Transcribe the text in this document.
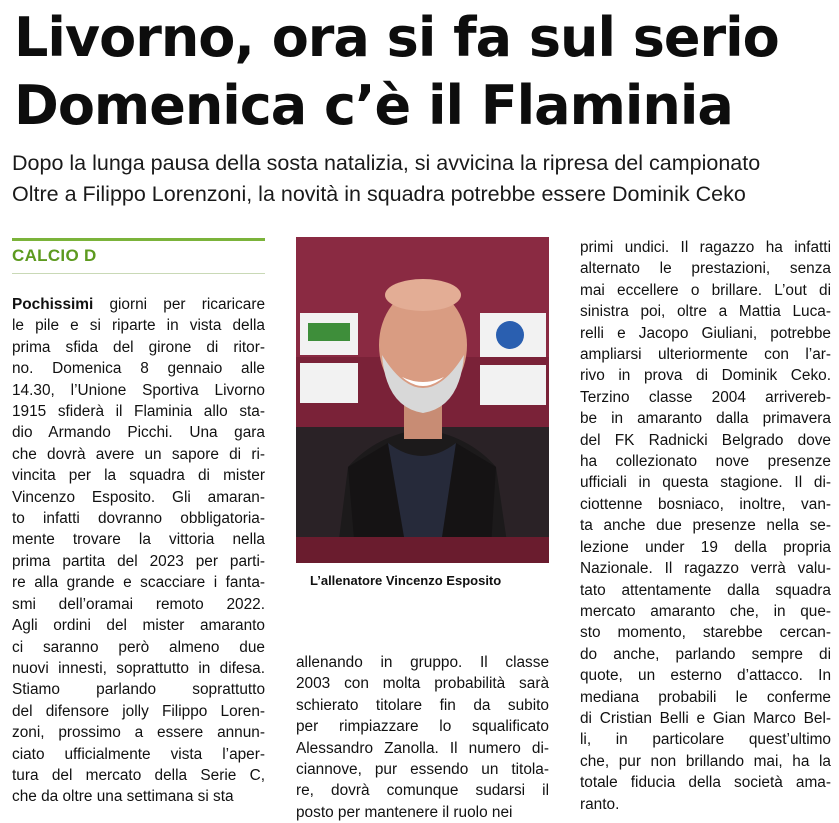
Livorno, ora si fa sul serio
Domenica c’è il Flaminia
Dopo la lunga pausa della sosta natalizia, si avvicina la ripresa del campionato
Oltre a Filippo Lorenzoni, la novità in squadra potrebbe essere Dominik Ceko
CALCIO D
Pochissimi giorni per ricaricare
le pile e si riparte in vista della
prima sfida del girone di ritor-
no. Domenica 8 gennaio alle
14.30, l’Unione Sportiva Livorno
1915 sfiderà il Flaminia allo sta-
dio Armando Picchi. Una gara
che dovrà avere un sapore di ri-
vincita per la squadra di mister
Vincenzo Esposito. Gli amaran-
to infatti dovranno obbligatoria-
mente trovare la vittoria nella
prima partita del 2023 per parti-
re alla grande e scacciare i fanta-
smi dell’oramai remoto 2022.
Agli ordini del mister amaranto
ci saranno però almeno due
nuovi innesti, soprattutto in difesa.
Stiamo parlando soprattutto
del difensore jolly Filippo Loren-
zoni, prossimo a essere annun-
ciato ufficialmente vista l’aper-
tura del mercato della Serie C,
che da oltre una settimana si sta
L’allenatore Vincenzo Esposito
allenando in gruppo. Il classe
2003 con molta probabilità sarà
schierato titolare fin da subito
per rimpiazzare lo squalificato
Alessandro Zanolla. Il numero di-
ciannove, pur essendo un titola-
re, dovrà comunque sudarsi il
posto per mantenere il ruolo nei
primi undici. Il ragazzo ha infatti
alternato le prestazioni, senza
mai eccellere o brillare. L’out di
sinistra poi, oltre a Mattia Luca-
relli e Jacopo Giuliani, potrebbe
ampliarsi ulteriormente con l’ar-
rivo in prova di Dominik Ceko.
Terzino classe 2004 arrivereb-
be in amaranto dalla primavera
del FK Radnicki Belgrado dove
ha collezionato nove presenze
ufficiali in questa stagione. Il di-
ciottenne bosniaco, inoltre, van-
ta anche due presenze nella se-
lezione under 19 della propria
Nazionale. Il ragazzo verrà valu-
tato attentamente dalla squadra
mercato amaranto che, in que-
sto momento, starebbe cercan-
do anche, parlando sempre di
quote, un esterno d’attacco. In
mediana probabili le conferme
di Cristian Belli e Gian Marco Bel-
li, in particolare quest’ultimo
che, pur non brillando mai, ha la
totale fiducia della società ama-
ranto.
